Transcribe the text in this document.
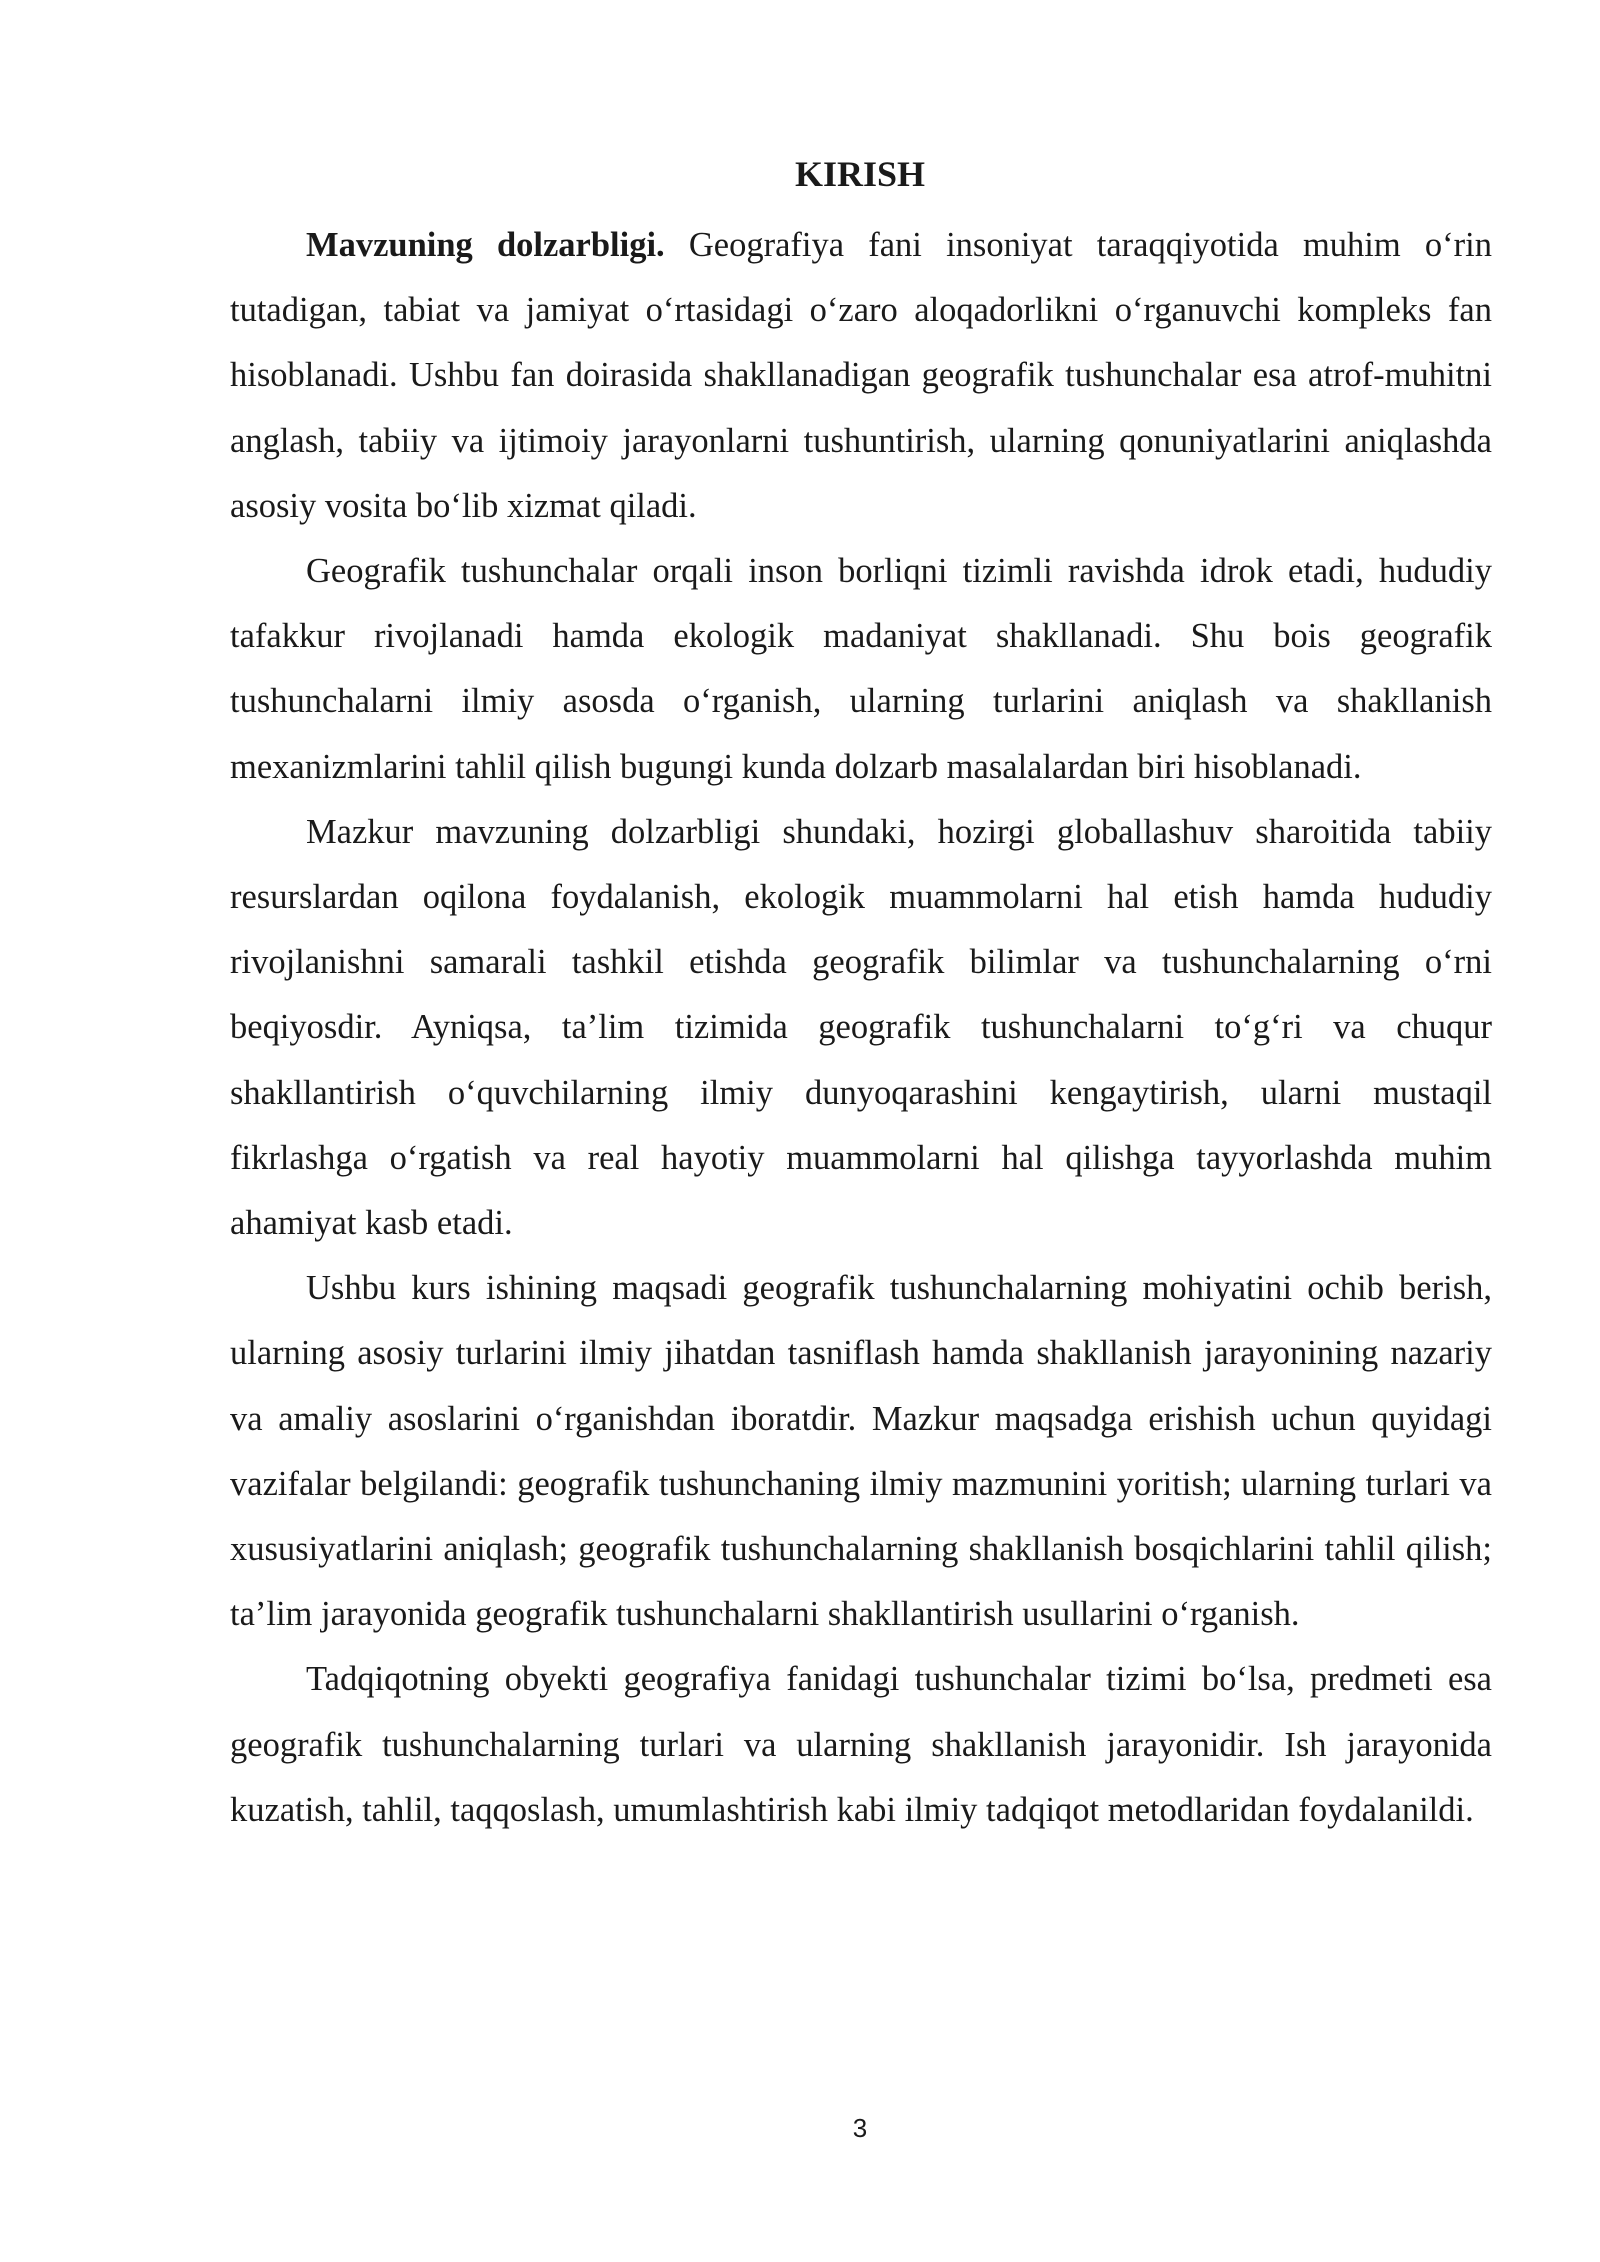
KIRISH

Mavzuning dolzarbligi. Geografiya fani insoniyat taraqqiyotida muhim o‘rin tutadigan, tabiat va jamiyat o‘rtasidagi o‘zaro aloqadorlikni o‘rganuvchi kompleks fan hisoblanadi. Ushbu fan doirasida shakllanadigan geografik tushunchalar esa atrof-muhitni anglash, tabiiy va ijtimoiy jarayonlarni tushuntirish, ularning qonuniyatlarini aniqlashda asosiy vosita bo‘lib xizmat qiladi.

Geografik tushunchalar orqali inson borliqni tizimli ravishda idrok etadi, hududiy tafakkur rivojlanadi hamda ekologik madaniyat shakllanadi. Shu bois geografik tushunchalarni ilmiy asosda o‘rganish, ularning turlarini aniqlash va shakllanish mexanizmlarini tahlil qilish bugungi kunda dolzarb masalalardan biri hisoblanadi.

Mazkur mavzuning dolzarbligi shundaki, hozirgi globallashuv sharoitida tabiiy resurslardan oqilona foydalanish, ekologik muammolarni hal etish hamda hududiy rivojlanishni samarali tashkil etishda geografik bilimlar va tushunchalarning o‘rni beqiyosdir. Ayniqsa, ta’lim tizimida geografik tushunchalarni to‘g‘ri va chuqur shakllantirish o‘quvchilarning ilmiy dunyoqarashini kengaytirish, ularni mustaqil fikrlashga o‘rgatish va real hayotiy muammolarni hal qilishga tayyorlashda muhim ahamiyat kasb etadi.

Ushbu kurs ishining maqsadi geografik tushunchalarning mohiyatini ochib berish, ularning asosiy turlarini ilmiy jihatdan tasniflash hamda shakllanish jarayonining nazariy va amaliy asoslarini o‘rganishdan iboratdir. Mazkur maqsadga erishish uchun quyidagi vazifalar belgilandi: geografik tushunchaning ilmiy mazmunini yoritish; ularning turlari va xususiyatlarini aniqlash; geografik tushunchalarning shakllanish bosqichlarini tahlil qilish; ta’lim jarayonida geografik tushunchalarni shakllantirish usullarini o‘rganish.

Tadqiqotning obyekti geografiya fanidagi tushunchalar tizimi bo‘lsa, predmeti esa geografik tushunchalarning turlari va ularning shakllanish jarayonidir. Ish jarayonida kuzatish, tahlil, taqqoslash, umumlashtirish kabi ilmiy tadqiqot metodlaridan foydalanildi.

3
